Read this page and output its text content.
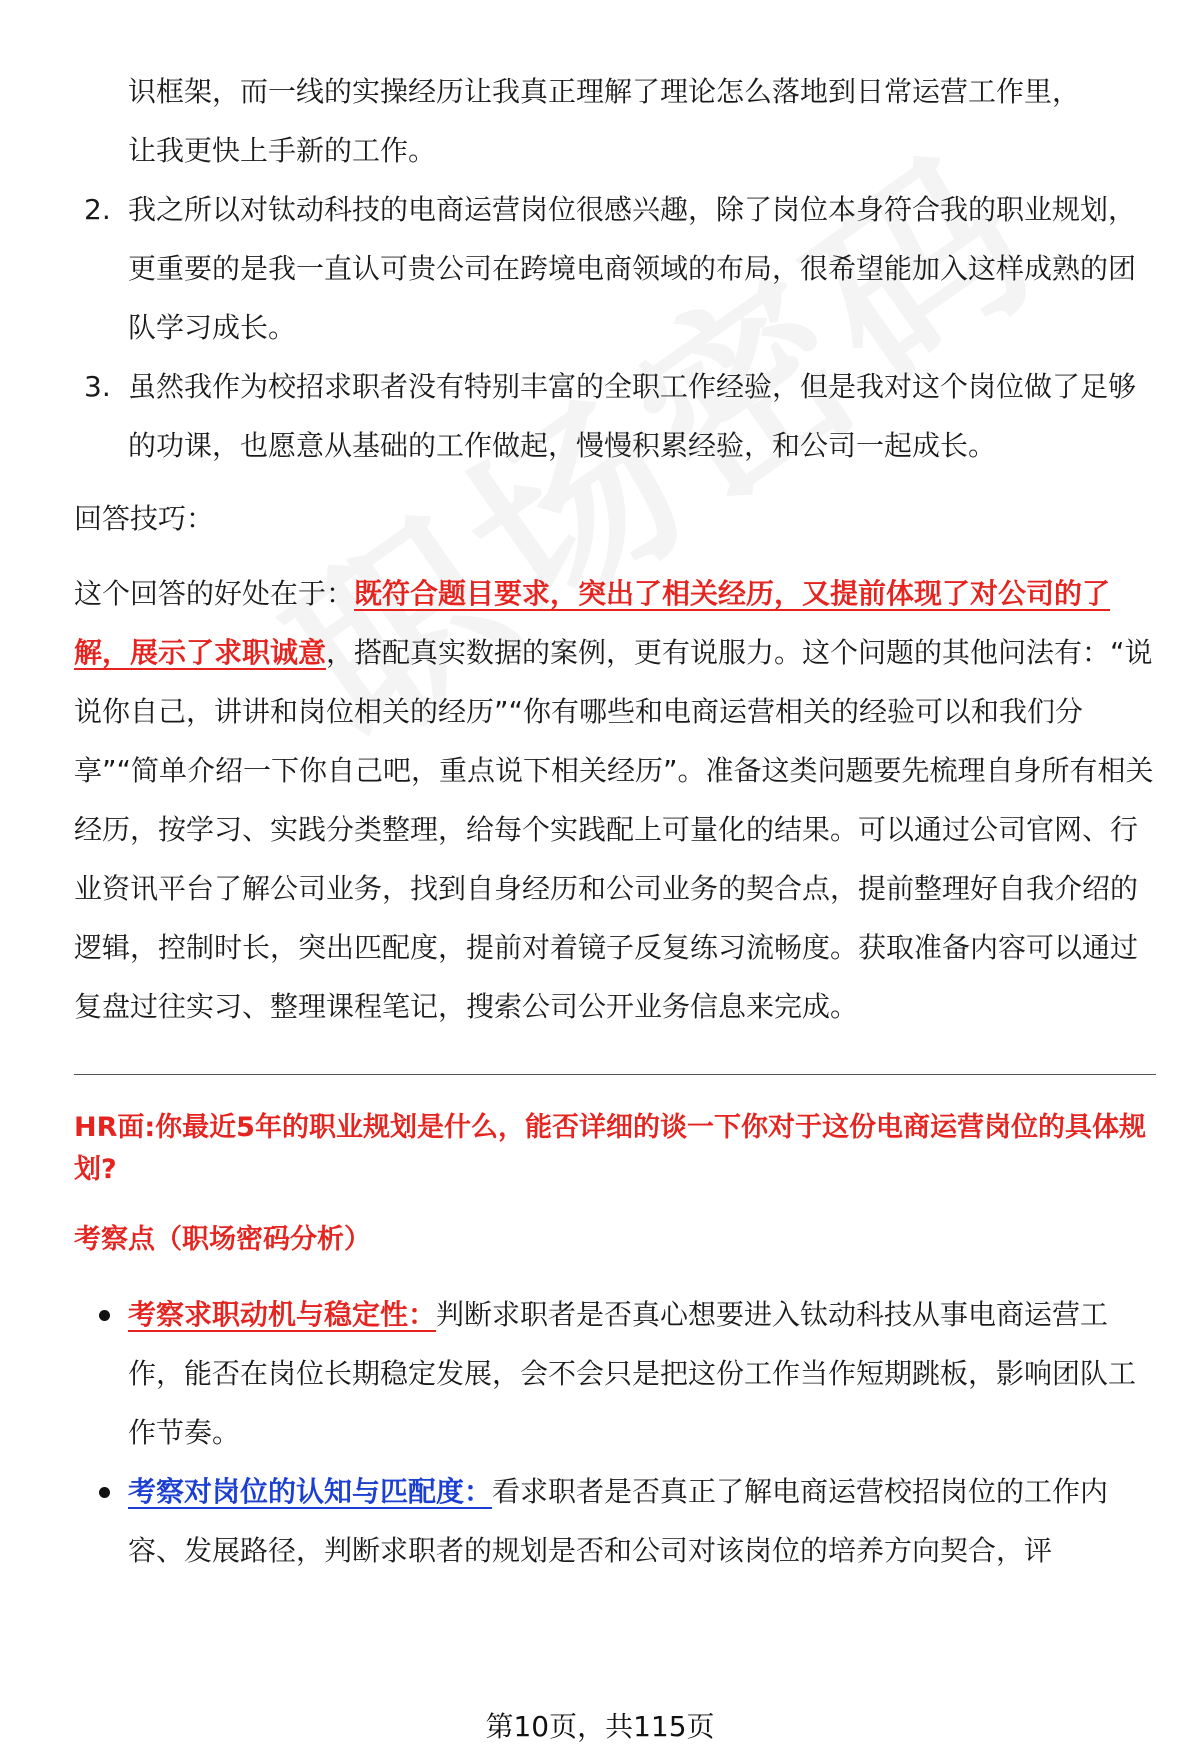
识框架，而一线的实操经历让我真正理解了理论怎么落地到日常运营工作里，

让我更快上手新的工作。

2. 我之所以对钛动科技的电商运营岗位很感兴趣，除了岗位本身符合我的职业规划，更重要的是我一直认可贵公司在跨境电商领域的布局，很希望能加入这样成熟的团队学习成长。
3. 虽然我作为校招求职者没有特别丰富的全职工作经验，但是我对这个岗位做了足够的功课，也愿意从基础的工作做起，慢慢积累经验，和公司一起成长。

回答技巧：

这个回答的好处在于：既符合题目要求，突出了相关经历，又提前体现了对公司的了解，展示了求职诚意，搭配真实数据的案例，更有说服力。这个问题的其他问法有：“说说你自己，讲讲和岗位相关的经历”“你有哪些和电商运营相关的经验可以和我们分享”“简单介绍一下你自己吧，重点说下相关经历”。准备这类问题要先梳理自身所有相关经历，按学习、实践分类整理，给每个实践配上可量化的结果。可以通过公司官网、行业资讯平台了解公司业务，找到自身经历和公司业务的契合点，提前整理好自我介绍的逻辑，控制时长，突出匹配度，提前对着镜子反复练习流畅度。获取准备内容可以通过复盘过往实习、整理课程笔记，搜索公司公开业务信息来完成。

HR面:你最近5年的职业规划是什么，能否详细的谈一下你对于这份电商运营岗位的具体规划?

考察点（职场密码分析）

考察求职动机与稳定性：判断求职者是否真心想要进入钛动科技从事电商运营工作，能否在岗位长期稳定发展，会不会只是把这份工作当作短期跳板，影响团队工作节奏。
考察对岗位的认知与匹配度：看求职者是否真正了解电商运营校招岗位的工作内容、发展路径，判断求职者的规划是否和公司对该岗位的培养方向契合，评
第10页，共115页
